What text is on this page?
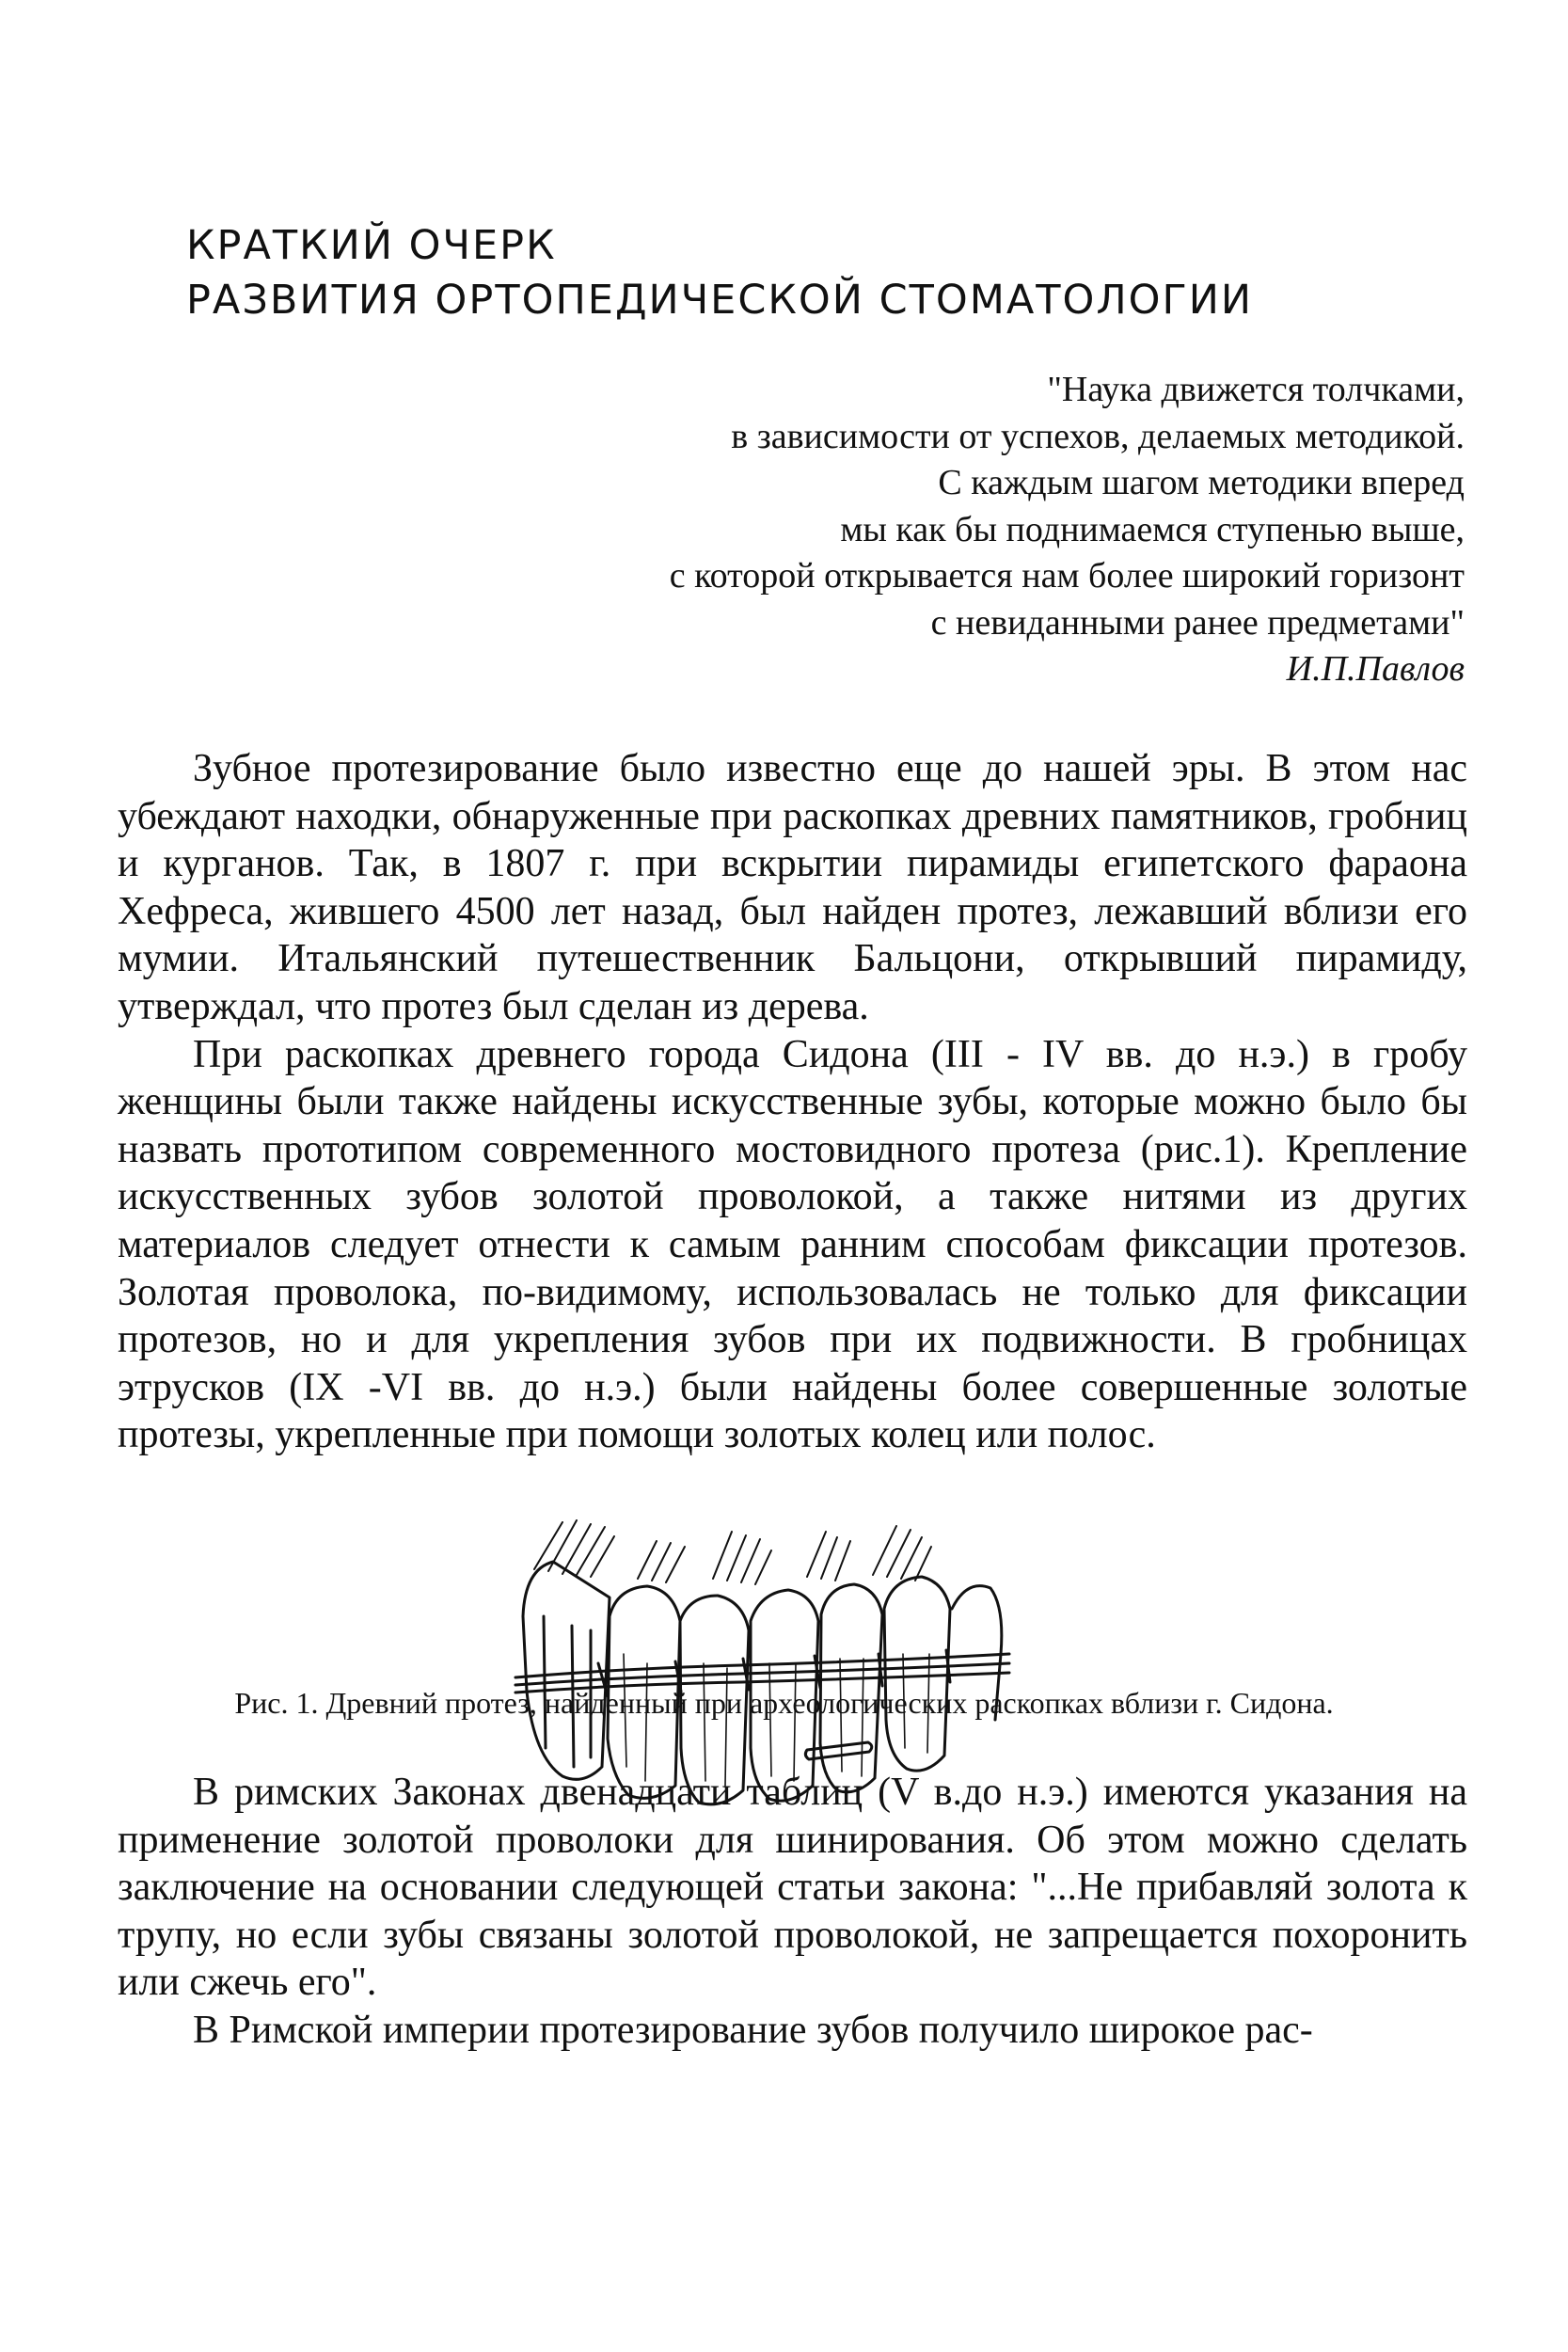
КРАТКИЙ ОЧЕРК
РАЗВИТИЯ ОРТОПЕДИЧЕСКОЙ СТОМАТОЛОГИИ
"Наука движется толчками,
в зависимости от успехов, делаемых методикой.
С каждым шагом методики вперед
мы как бы поднимаемся ступенью выше,
с которой открывается нам более широкий горизонт
с невиданными ранее предметами"
И.П.Павлов

Зубное протезирование было известно еще до нашей эры. В этом нас убеждают находки, обнаруженные при раскопках древних памятников, гробниц и курганов. Так, в 1807 г. при вскрытии пирамиды египетского фараона Хефреса, жившего 4500 лет назад, был найден протез, лежавший вблизи его мумии. Итальянский путешественник Бальцони, открывший пирамиду, утверждал, что протез был сделан из дерева.

При раскопках древнего города Сидона (III - IV вв. до н.э.) в гробу женщины были также найдены искусственные зубы, которые можно было бы назвать прототипом современного мостовидного протеза (рис.1). Крепление искусственных зубов золотой проволокой, а также нитями из других материалов следует отнести к самым ранним способам фиксации протезов. Золотая проволока, по-видимому, использовалась не только для фиксации протезов, но и для укрепления зубов при их подвижности. В гробницах этрусков (IX -VI вв. до н.э.) были найдены более совершенные золотые протезы, укрепленные при помощи золотых колец или полос.

Рис. 1. Древний протез, найденный при археологических раскопках вблизи г. Сидона.

В римских Законах двенадцати таблиц (V в.до н.э.) имеются указания на применение золотой проволоки для шинирования. Об этом можно сделать заключение на основании следующей статьи закона: "...Не прибавляй золота к трупу, но если зубы связаны золотой проволокой, не запрещается похоронить или сжечь его".

В Римской империи протезирование зубов получило широкое рас-
